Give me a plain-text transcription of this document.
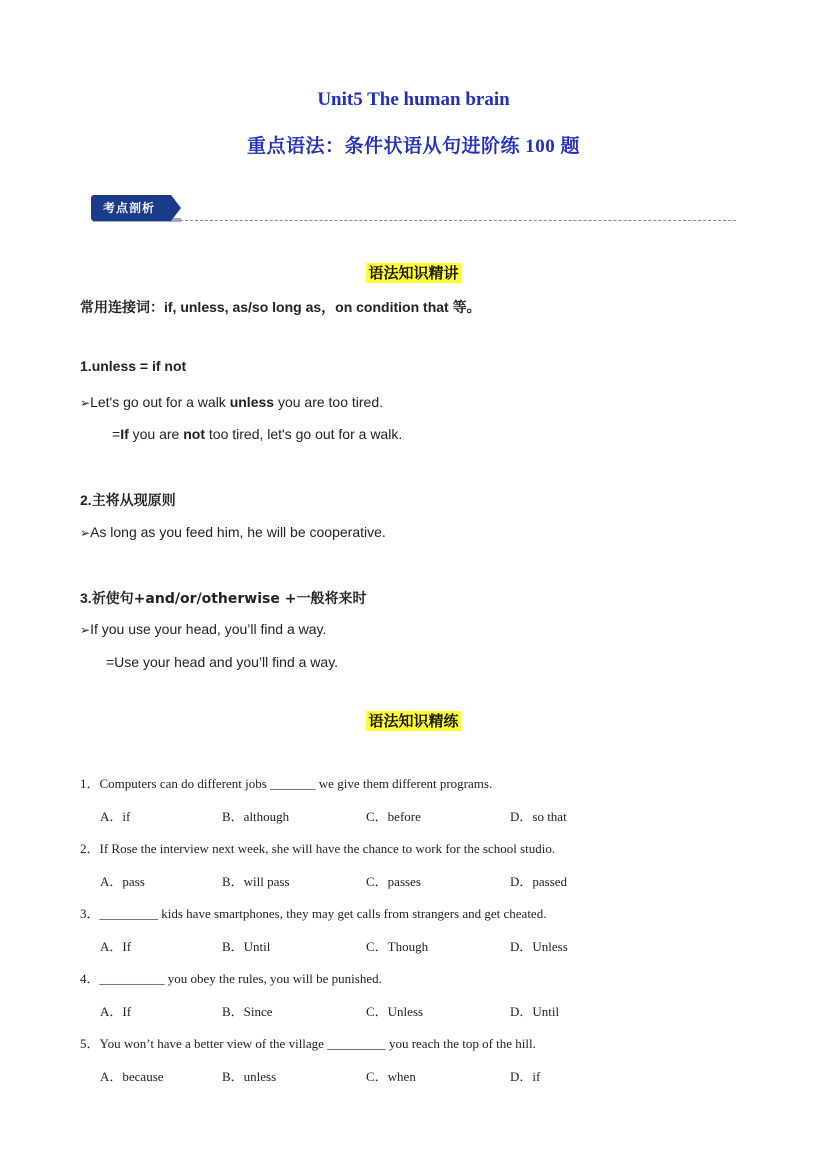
Unit5 The human brain
重点语法：条件状语从句进阶练 100 题
考点剖析
语法知识精讲
常用连接词：if, unless, as/so long as，on condition that 等。
1.unless = if not
➢Let's go out for a walk unless you are too tired.
=If you are not too tired, let's go out for a walk.
2.主将从现原则
➢As long as you feed him, he will be cooperative.
3.祈使句+and/or/otherwise +一般将来时
➢If you use your head, you’ll find a way.
=Use your head and you’ll find a way.
语法知识精练
1．Computers can do different jobs _______ we give them different programs.
A．if	B．although	C．before	D．so that
2．If Rose the interview next week, she will have the chance to work for the school studio.
A．pass	B．will pass	C．passes	D．passed
3．_________ kids have smartphones, they may get calls from strangers and get cheated.
A．If	B．Until	C．Though	D．Unless
4．__________ you obey the rules, you will be punished.
A．If	B．Since	C．Unless	D．Until
5．You won’t have a better view of the village _________ you reach the top of the hill.
A．because	B．unless	C．when	D．if
